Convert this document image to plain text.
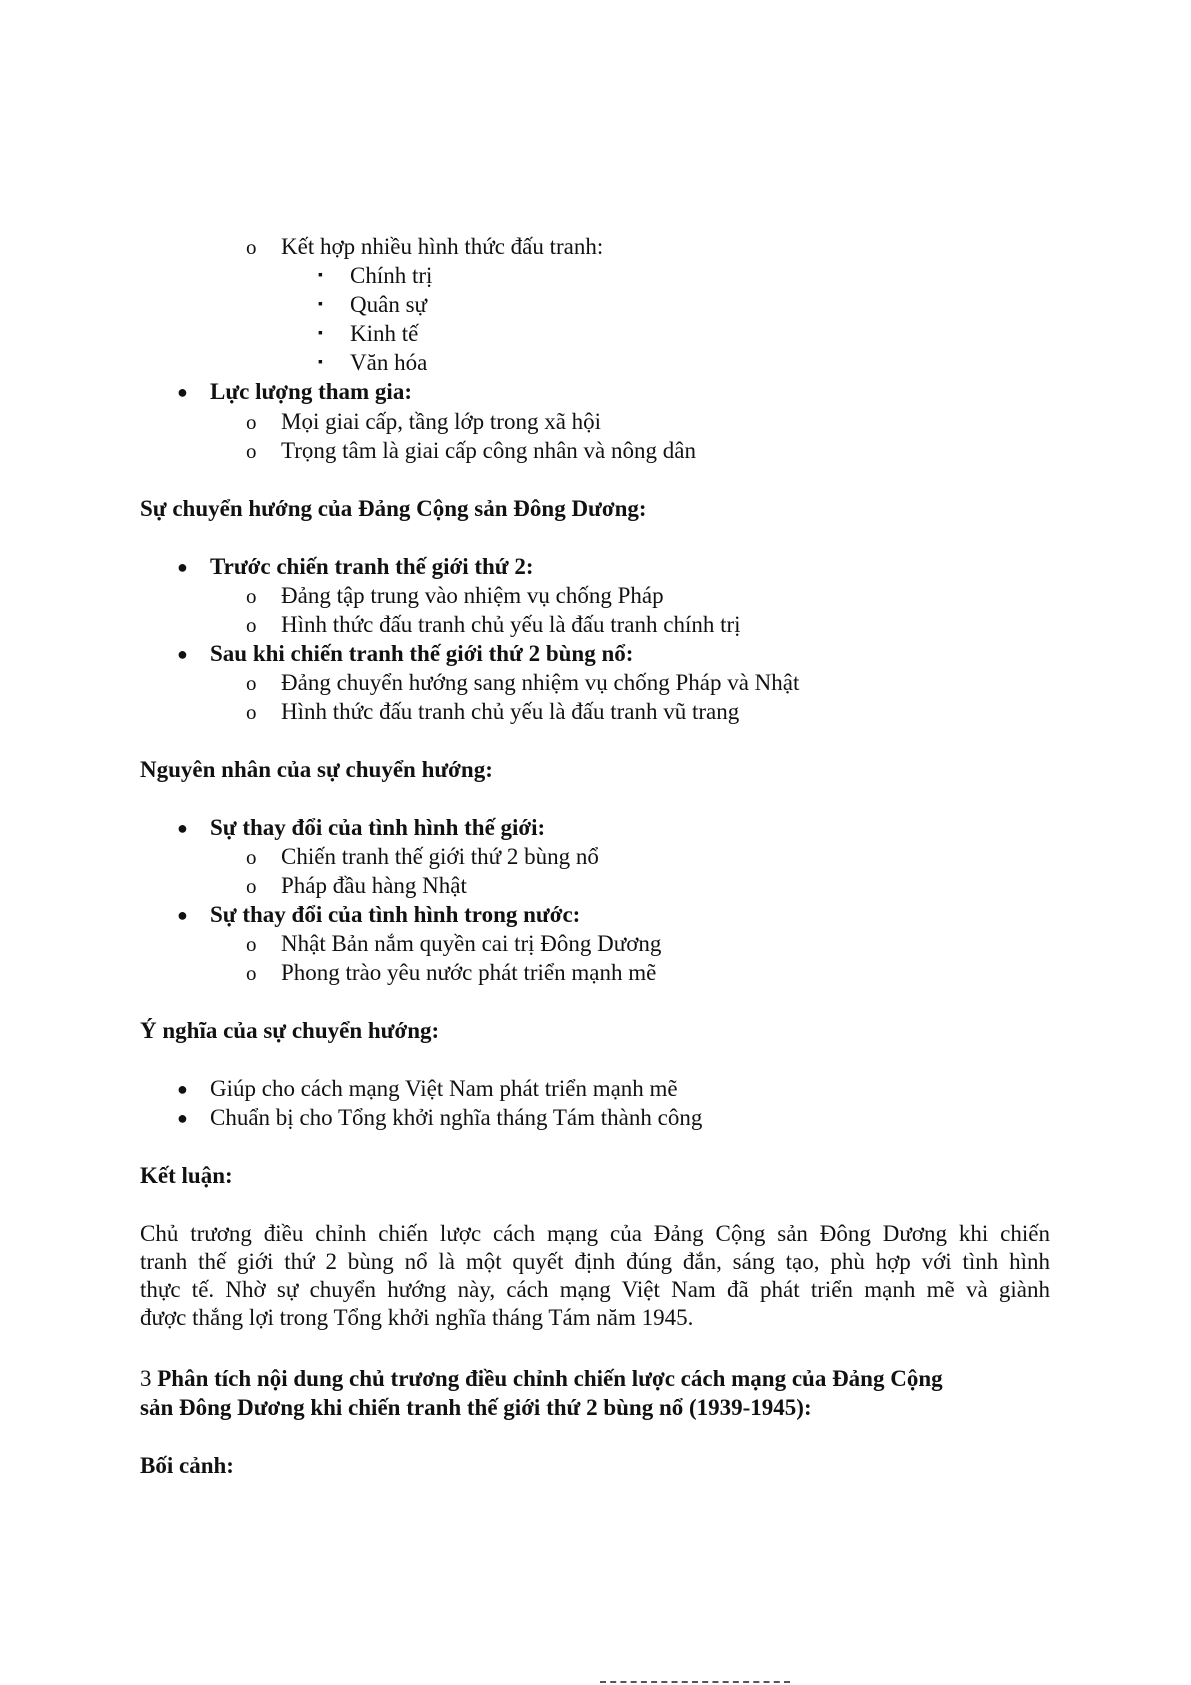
o Kết hợp nhiều hình thức đấu tranh:
▪ Chính trị
▪ Quân sự
▪ Kinh tế
▪ Văn hóa
● Lực lượng tham gia:
o Mọi giai cấp, tầng lớp trong xã hội
o Trọng tâm là giai cấp công nhân và nông dân
Sự chuyển hướng của Đảng Cộng sản Đông Dương:
● Trước chiến tranh thế giới thứ 2:
o Đảng tập trung vào nhiệm vụ chống Pháp
o Hình thức đấu tranh chủ yếu là đấu tranh chính trị
● Sau khi chiến tranh thế giới thứ 2 bùng nổ:
o Đảng chuyển hướng sang nhiệm vụ chống Pháp và Nhật
o Hình thức đấu tranh chủ yếu là đấu tranh vũ trang
Nguyên nhân của sự chuyển hướng:
● Sự thay đổi của tình hình thế giới:
o Chiến tranh thế giới thứ 2 bùng nổ
o Pháp đầu hàng Nhật
● Sự thay đổi của tình hình trong nước:
o Nhật Bản nắm quyền cai trị Đông Dương
o Phong trào yêu nước phát triển mạnh mẽ
Ý nghĩa của sự chuyển hướng:
● Giúp cho cách mạng Việt Nam phát triển mạnh mẽ
● Chuẩn bị cho Tổng khởi nghĩa tháng Tám thành công
Kết luận:
Chủ trương điều chỉnh chiến lược cách mạng của Đảng Cộng sản Đông Dương khi chiến
tranh thế giới thứ 2 bùng nổ là một quyết định đúng đắn, sáng tạo, phù hợp với tình hình
thực tế. Nhờ sự chuyển hướng này, cách mạng Việt Nam đã phát triển mạnh mẽ và giành
được thắng lợi trong Tổng khởi nghĩa tháng Tám năm 1945.
3 Phân tích nội dung chủ trương điều chỉnh chiến lược cách mạng của Đảng Cộng
sản Đông Dương khi chiến tranh thế giới thứ 2 bùng nổ (1939-1945):
Bối cảnh:
